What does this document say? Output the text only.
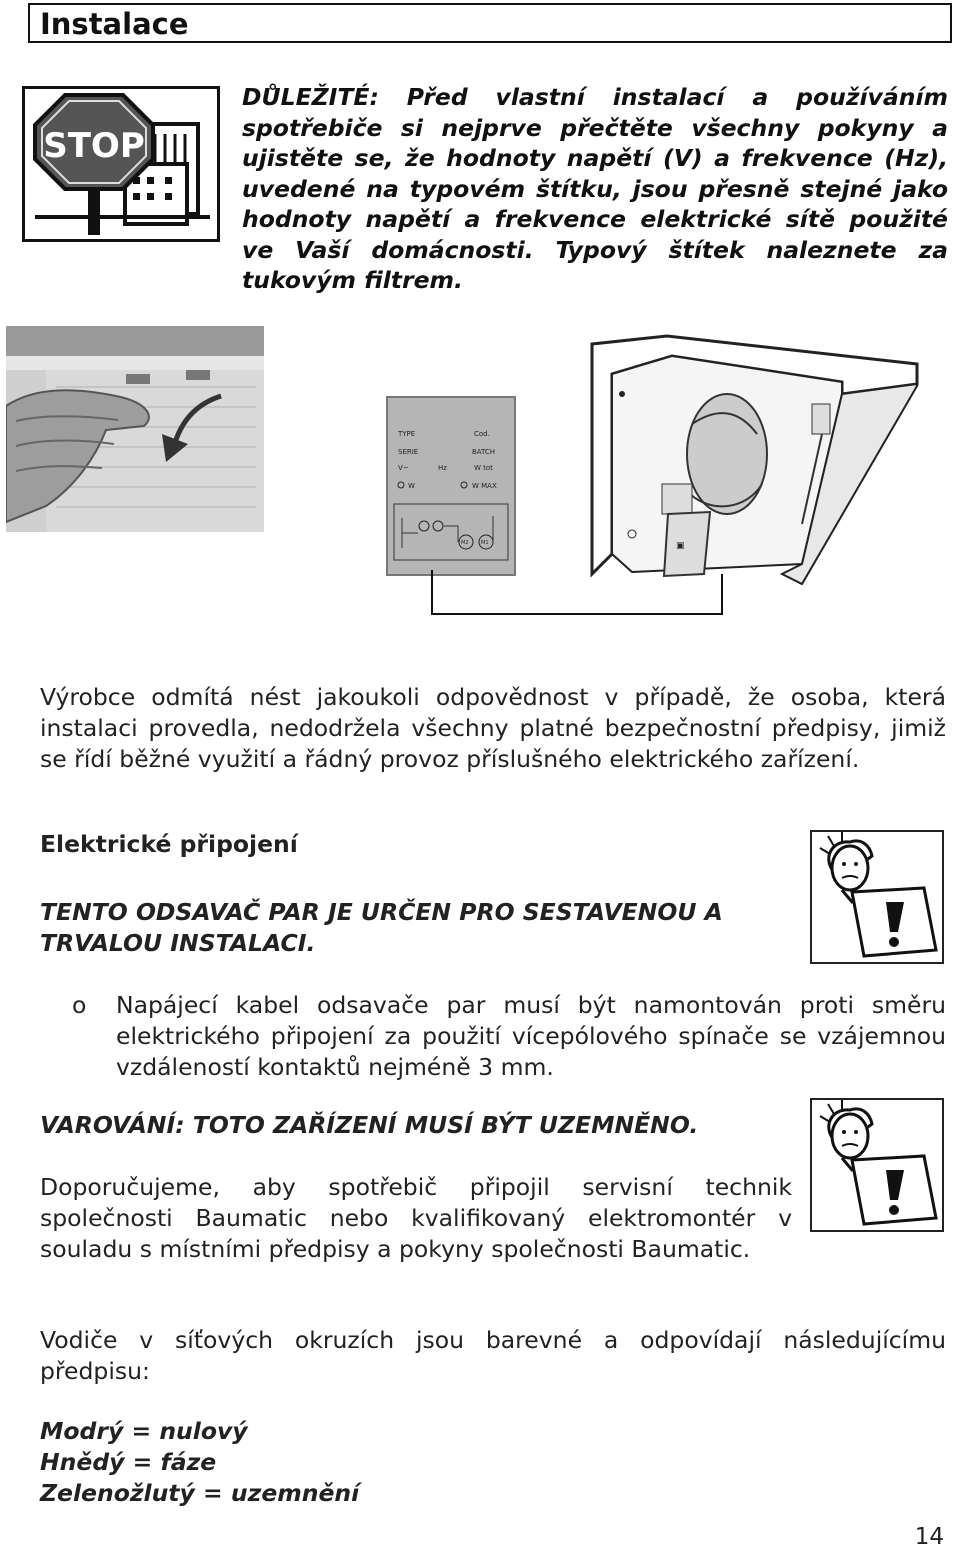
Instalace
STOP
DŮLEŽITÉ: Před vlastní instalací a používáním spotřebiče si nejprve přečtěte všechny pokyny a ujistěte se, že hodnoty napětí (V) a frekvence (Hz), uvedené na typovém štítku, jsou přesně stejné jako hodnoty napětí a frekvence elektrické sítě použité ve Vaší domácnosti. Typový štítek naleznete za tukovým filtrem.
TYPE	Cod.
SERIE	BATCH
V~	Hz	W tot
W	W MAX
M2	M1	▣
Výrobce odmítá nést jakoukoli odpovědnost v případě, že osoba, která instalaci provedla, nedodržela všechny platné bezpečnostní předpisy, jimiž se řídí běžné využití a řádný provoz příslušného elektrického zařízení.
Elektrické připojení
TENTO ODSAVAČ PAR JE URČEN PRO SESTAVENOU A TRVALOU INSTALACI.
o Napájecí kabel odsavače par musí být namontován proti směru elektrického připojení za použití vícepólového spínače se vzájemnou vzdáleností kontaktů nejméně 3 mm.
VAROVÁNÍ: TOTO ZAŘÍZENÍ MUSÍ BÝT UZEMNĚNO.
Doporučujeme, aby spotřebič připojil servisní technik společnosti Baumatic nebo kvalifikovaný elektromontér v souladu s místními předpisy a pokyny společnosti Baumatic.
Vodiče v síťových okruzích jsou barevné a odpovídají následujícímu předpisu:
Modrý = nulový
Hnědý = fáze
Zelenožlutý = uzemnění
14
